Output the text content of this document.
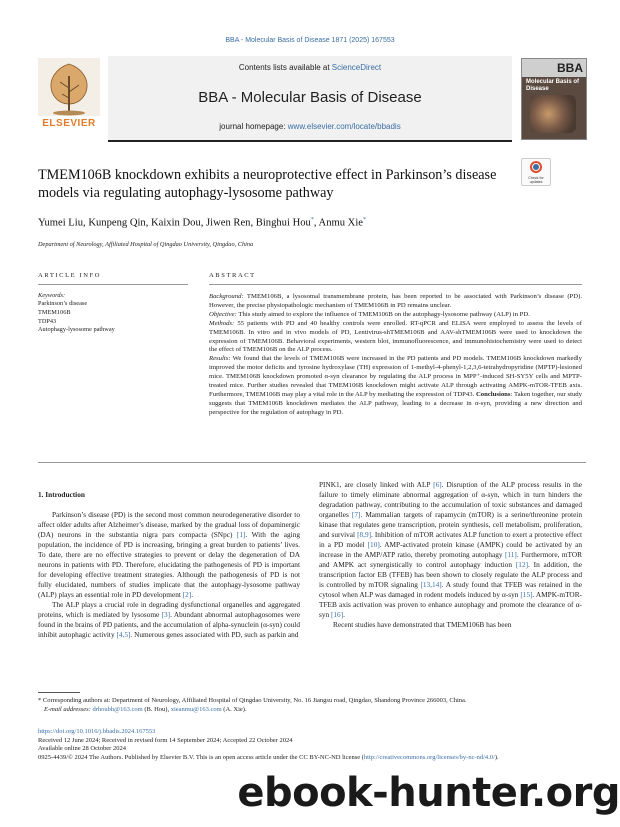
BBA - Molecular Basis of Disease 1871 (2025) 167553
ELSEVIER
Contents lists available at ScienceDirect
BBA - Molecular Basis of Disease
journal homepage: www.elsevier.com/locate/bbadis
BBA
Molecular Basis of Disease
TMEM106B knockdown exhibits a neuroprotective effect in Parkinson’s disease models via regulating autophagy-lysosome pathway
Check for updates
Yumei Liu, Kunpeng Qin, Kaixin Dou, Jiwen Ren, Binghui Hou*, Anmu Xie*
Department of Neurology, Affiliated Hospital of Qingdao University, Qingdao, China
ARTICLE INFO	ABSTRACT
Keywords:
Parkinson’s disease
TMEM106B
TDP43
Autophagy-lysosome pathway

Background: TMEM106B, a lysosomal transmembrane protein, has been reported to be associated with Parkinson’s disease (PD). However, the precise physiopathologic mechanism of TMEM106B in PD remains unclear.

Objective: This study aimed to explore the influence of TMEM106B on the autophagy-lysosome pathway (ALP) in PD.

Methods: 55 patients with PD and 40 healthy controls were enrolled. RT-qPCR and ELISA were employed to assess the levels of TMEM106B. In vitro and in vivo models of PD, Lentivirus-shTMEM106B and AAV-shTMEM106B were used to knockdown the expression of TMEM106B. Behavioral experiments, western blot, immunofluorescence, and immunohistochemistry were used to detect the effect of TMEM106B on the ALP process.

Results: We found that the levels of TMEM106B were increased in the PD patients and PD models. TMEM106B knockdown markedly improved the motor deficits and tyrosine hydroxylase (TH) expression of 1-methyl-4-phenyl-1,2,3,6-tetrahydropyridine (MPTP)-lesioned mice. TMEM106B knockdown promoted α-syn clearance by regulating the ALP process in MPP⁺-induced SH-SY5Y cells and MPTP-treated mice. Further studies revealed that TMEM106B knockdown might activate ALP through activating AMPK-mTOR-TFEB axis. Furthermore, TMEM106B may play a vital role in the ALP by mediating the expression of TDP43. Conclusions: Taken together, our study suggests that TMEM106B knockdown mediates the ALP pathway, leading to a decrease in α-syn, providing a new direction and perspective for the regulation of autophagy in PD.

1. Introduction

Parkinson’s disease (PD) is the second most common neurodegenerative disorder to affect older adults after Alzheimer’s disease, marked by the gradual loss of dopaminergic (DA) neurons in the substantia nigra pars compacta (SNpc) [1]. With the aging population, the incidence of PD is increasing, bringing a great burden to patients’ lives. To date, there are no effective strategies to prevent or delay the degeneration of DA neurons in patients with PD. Therefore, elucidating the pathogenesis of PD is important for developing effective treatment strategies. Although the pathogenesis of PD is not fully elucidated, numbers of studies implicate that the autophagy-lysosome pathway (ALP) plays an essential role in PD development [2].

The ALP plays a crucial role in degrading dysfunctional organelles and aggregated proteins, which is mediated by lysosome [3]. Abundant abnormal autophagosomes were found in the brains of PD patients, and the accumulation of alpha-synuclein (α-syn) could inhibit autophagic activity [4,5]. Numerous genes associated with PD, such as parkin and

PINK1, are closely linked with ALP [6]. Disruption of the ALP process results in the failure to timely eliminate abnormal aggregation of α-syn, which in turn hinders the degradation pathway, contributing to the accumulation of toxic substances and damaged organelles [7]. Mammalian targets of rapamycin (mTOR) is a serine/threonine protein kinase that regulates gene transcription, protein synthesis, cell metabolism, proliferation, and survival [8,9]. Inhibition of mTOR activates ALP function to exert a protective effect in a PD model [10]. AMP-activated protein kinase (AMPK) could be activated by an increase in the AMP/ATP ratio, thereby promoting autophagy [11]. Furthermore, mTOR and AMPK act synergistically to control autophagy induction [12]. In addition, the transcription factor EB (TFEB) has been shown to closely regulate the ALP process and is controlled by mTOR signaling [13,14]. A study found that TFEB was retained in the cytosol when ALP was damaged in rodent models induced by α-syn [15]. AMPK-mTOR-TFEB axis activation was proven to enhance autophagy and promote the clearance of α-syn [16].

Recent studies have demonstrated that TMEM106B has been

* Corresponding authors at: Department of Neurology, Affiliated Hospital of Qingdao University, No. 16 Jiangsu road, Qingdao, Shandong Province 266003, China.
E-mail addresses: drhoubh@163.com (B. Hou), xieanmu@163.com (A. Xie).
https://doi.org/10.1016/j.bbadis.2024.167553
Received 12 June 2024; Received in revised form 14 September 2024; Accepted 22 October 2024
Available online 28 October 2024
0925-4439/© 2024 The Authors. Published by Elsevier B.V. This is an open access article under the CC BY-NC-ND license (http://creativecommons.org/licenses/by-nc-nd/4.0/).
ebook-hunter.org
